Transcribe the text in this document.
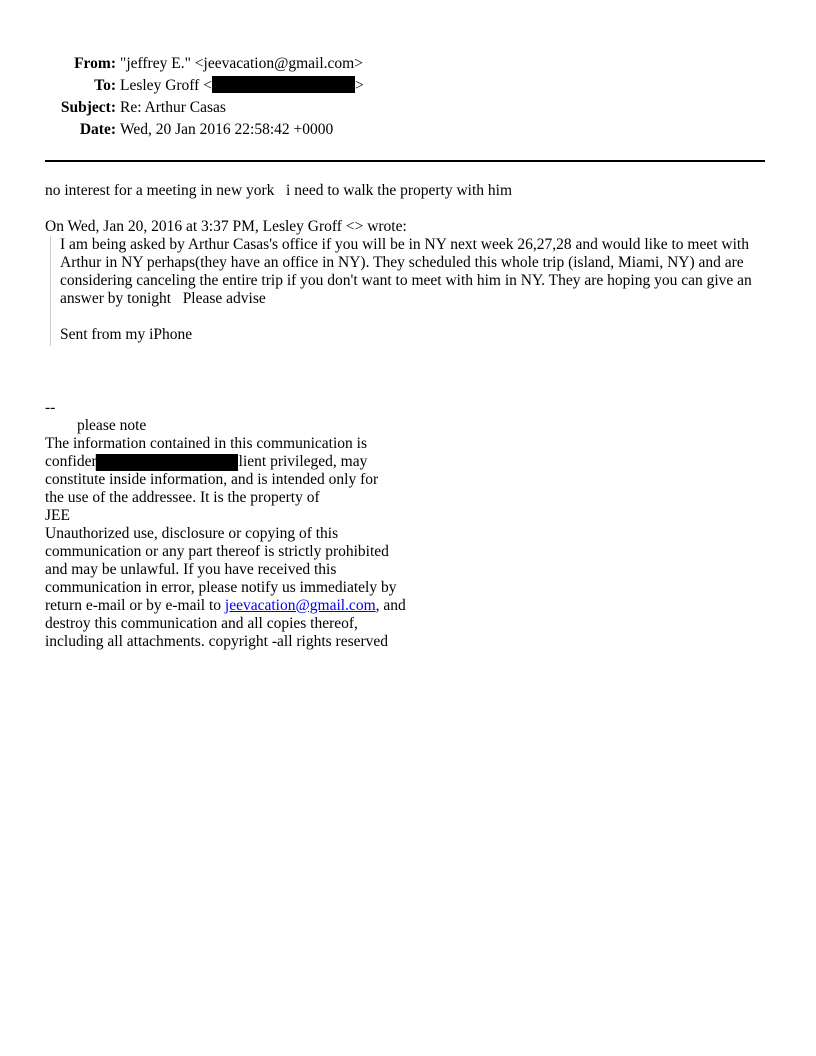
From: "jeffrey E." <jeevacation@gmail.com>
To: Lesley Groff <	>
Subject: Re: Arthur Casas
Date: Wed, 20 Jan 2016 22:58:42 +0000
no interest for a meeting in new york   i need to walk the property with him
On Wed, Jan 20, 2016 at 3:37 PM, Lesley Groff <
> wrote:

I am being asked by Arthur Casas's office if you will be in NY next week 26,27,28 and would like to meet with Arthur in NY perhaps(they have an office in NY). They scheduled this whole trip (island, Miami, NY) and are considering canceling the entire trip if you don't want to meet with him in NY. They are hoping you can give an answer by tonight   Please advise

Sent from my iPhone

--
please note
The information contained in this communication is
confidential, may be attorney-client privileged, may
constitute inside information, and is intended only for
the use of the addressee. It is the property of
JEE
Unauthorized use, disclosure or copying of this
communication or any part thereof is strictly prohibited
and may be unlawful. If you have received this
communication in error, please notify us immediately by
return e-mail or by e-mail to jeevacation@gmail.com, and
destroy this communication and all copies thereof,
including all attachments. copyright -all rights reserved
